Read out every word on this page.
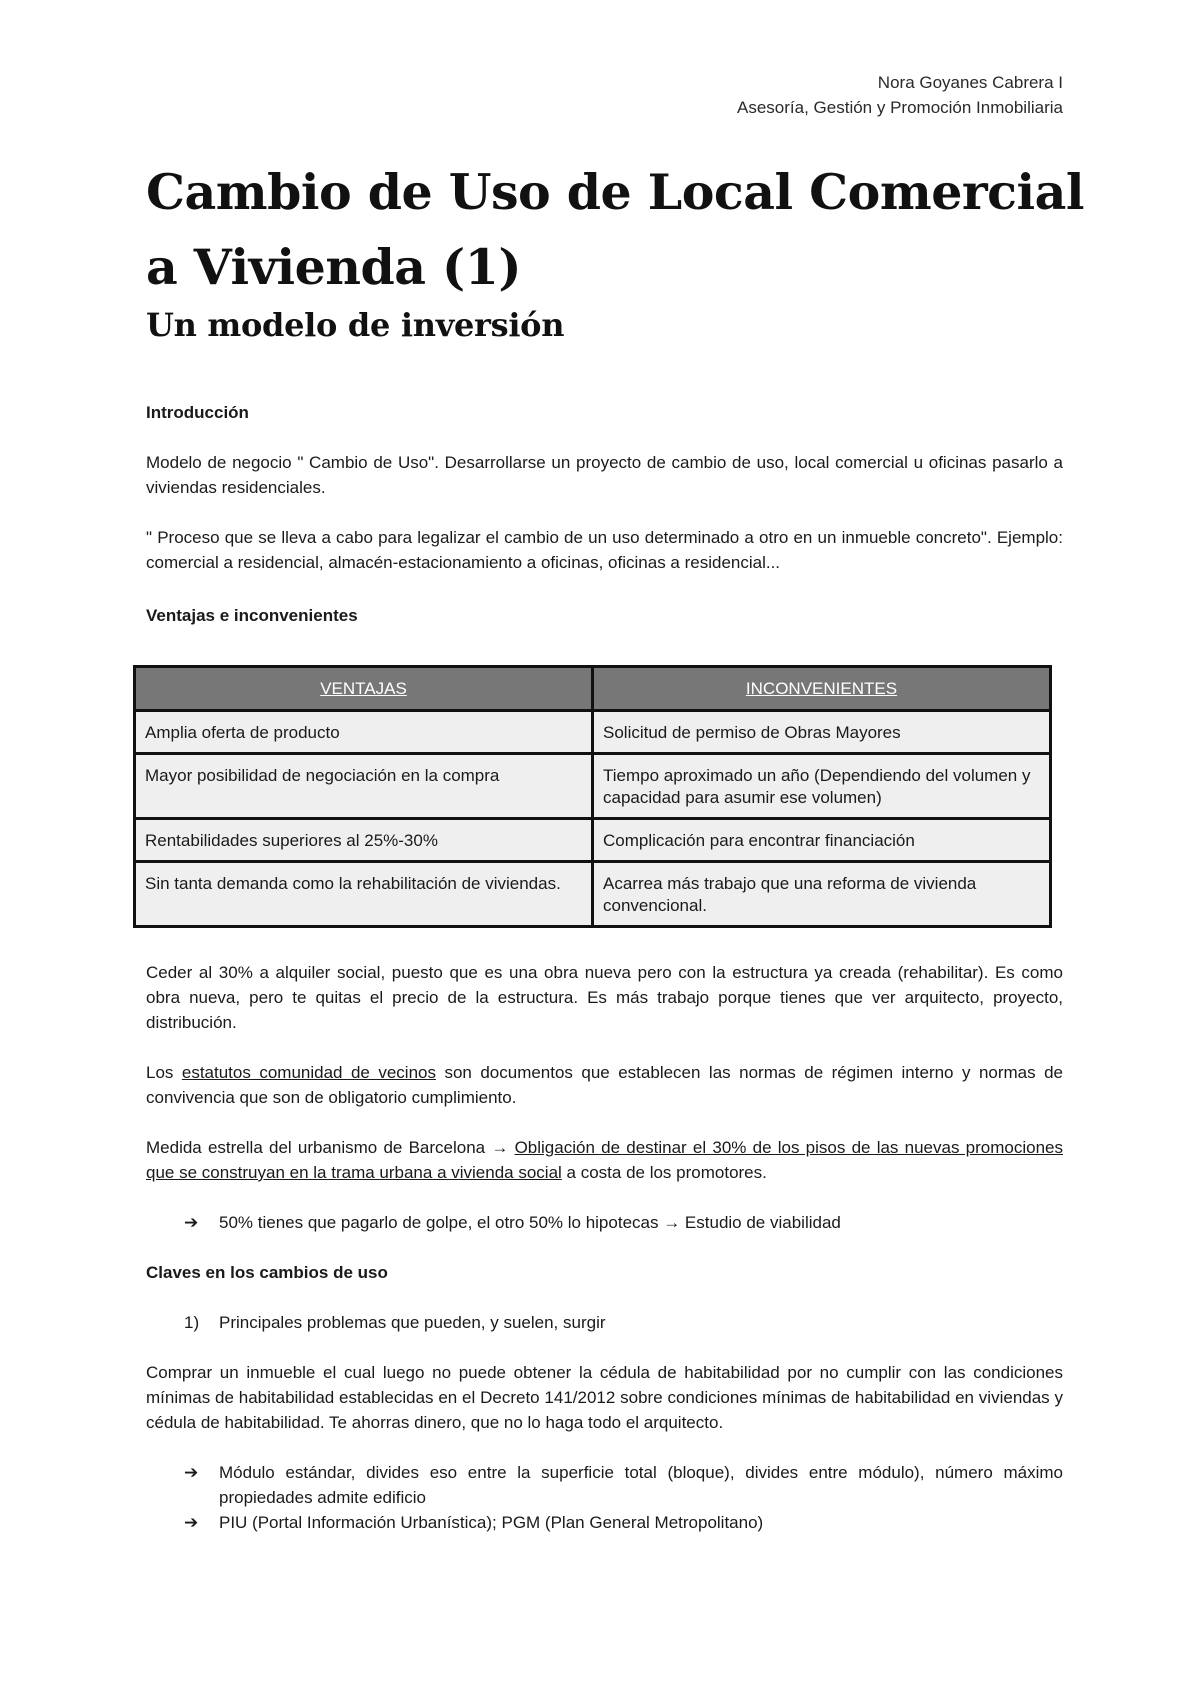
Nora Goyanes Cabrera I
Asesoría, Gestión y Promoción Inmobiliaria
Cambio de Uso de Local Comercial
a Vivienda (1)
Un modelo de inversión

Introducción

Modelo de negocio " Cambio de Uso". Desarrollarse un proyecto de cambio de uso, local comercial u oficinas pasarlo a viviendas residenciales.

" Proceso que se lleva a cabo para legalizar el cambio de un uso determinado a otro en un inmueble concreto". Ejemplo: comercial a residencial, almacén-estacionamiento a oficinas, oficinas a residencial...

Ventajas e inconvenientes

VENTAJAS	INCONVENIENTES
Amplia oferta de producto	Solicitud de permiso de Obras Mayores
Mayor posibilidad de negociación en la compra	Tiempo aproximado un año (Dependiendo del volumen y capacidad para asumir ese volumen)
Rentabilidades superiores al 25%-30%	Complicación para encontrar financiación
Sin tanta demanda como la rehabilitación de viviendas.	Acarrea más trabajo que una reforma de vivienda convencional.

Ceder al 30% a alquiler social, puesto que es una obra nueva pero con la estructura ya creada (rehabilitar). Es como obra nueva, pero te quitas el precio de la estructura. Es más trabajo porque tienes que ver arquitecto, proyecto, distribución.

Los estatutos comunidad de vecinos son documentos que establecen las normas de régimen interno y normas de convivencia que son de obligatorio cumplimiento.

Medida estrella del urbanismo de Barcelona → Obligación de destinar el 30% de los pisos de las nuevas promociones que se construyan en la trama urbana a vivienda social a costa de los promotores.

➔ 50% tienes que pagarlo de golpe, el otro 50% lo hipotecas → Estudio de viabilidad

Claves en los cambios de uso

1) Principales problemas que pueden, y suelen, surgir

Comprar un inmueble el cual luego no puede obtener la cédula de habitabilidad por no cumplir con las condiciones mínimas de habitabilidad establecidas en el Decreto 141/2012 sobre condiciones mínimas de habitabilidad en viviendas y cédula de habitabilidad. Te ahorras dinero, que no lo haga todo el arquitecto.

➔ Módulo estándar, divides eso entre la superficie total (bloque), divides entre módulo), número máximo propiedades admite edificio
➔ PIU (Portal Información Urbanística); PGM (Plan General Metropolitano)
